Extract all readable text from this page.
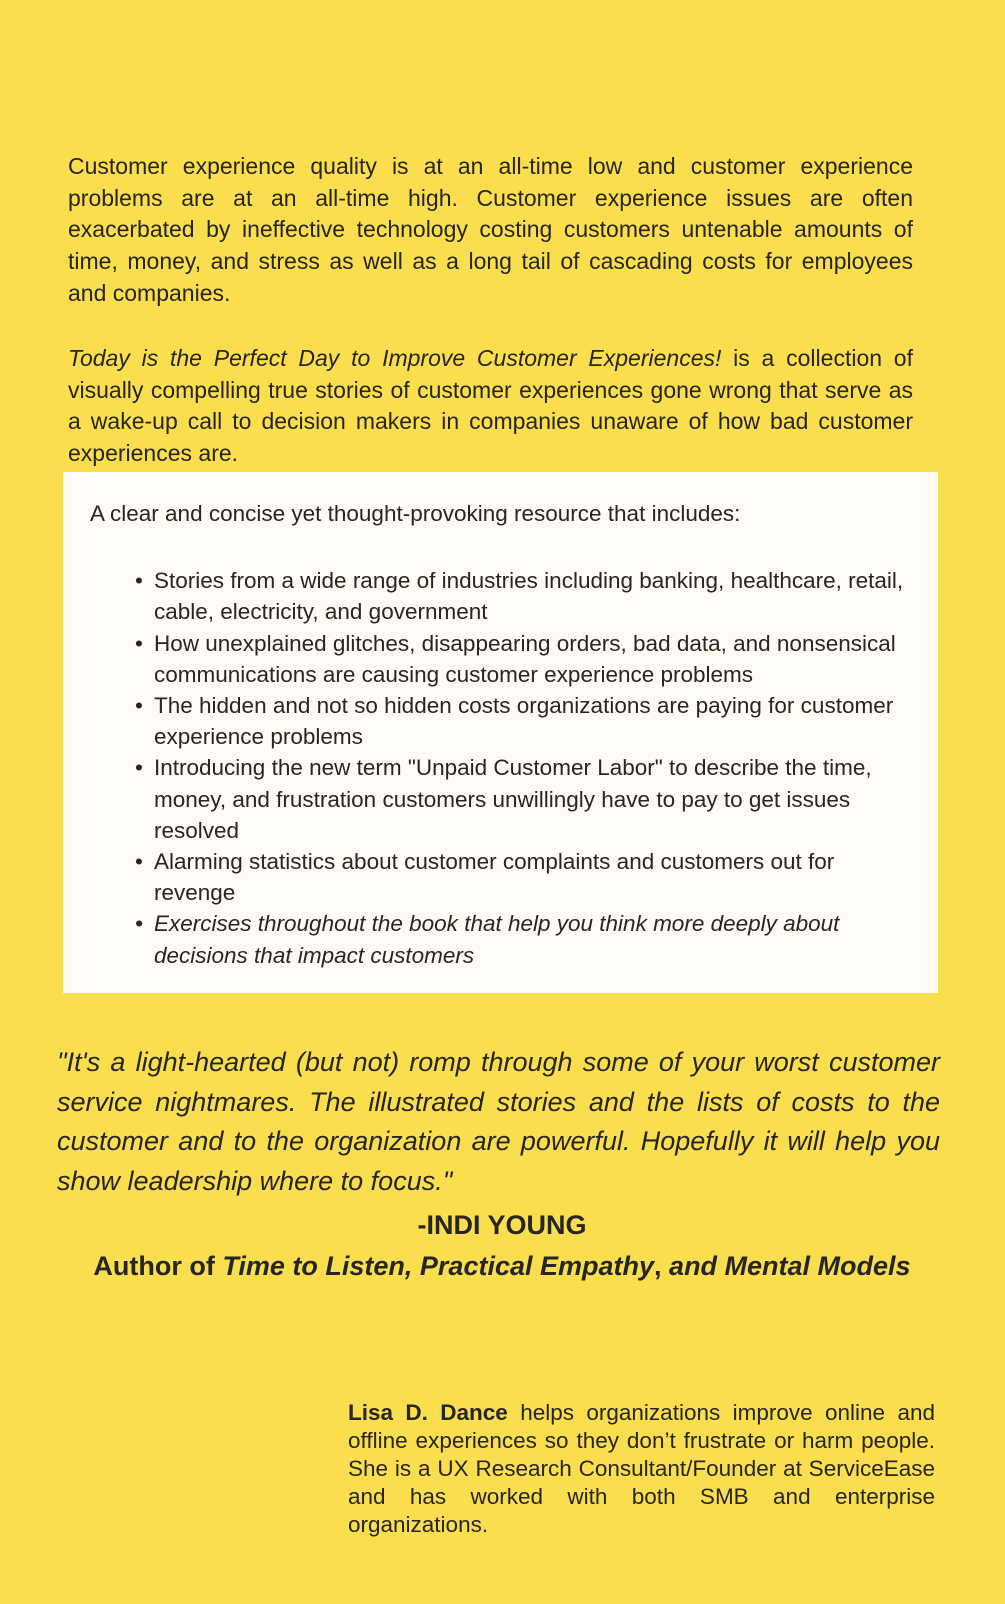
Customer experience quality is at an all-time low and customer experience problems are at an all-time high. Customer experience issues are often exacerbated by ineffective technology costing customers untenable amounts of time, money, and stress as well as a long tail of cascading costs for employees and companies.

Today is the Perfect Day to Improve Customer Experiences! is a collection of visually compelling true stories of customer experiences gone wrong that serve as a wake-up call to decision makers in companies unaware of how bad customer experiences are.

A clear and concise yet thought-provoking resource that includes:
• Stories from a wide range of industries including banking, healthcare, retail, cable, electricity, and government
• How unexplained glitches, disappearing orders, bad data, and nonsensical communications are causing customer experience problems
• The hidden and not so hidden costs organizations are paying for customer experience problems
• Introducing the new term "Unpaid Customer Labor" to describe the time, money, and frustration customers unwillingly have to pay to get issues resolved
• Alarming statistics about customer complaints and customers out for revenge
• Exercises throughout the book that help you think more deeply about decisions that impact customers

"It's a light-hearted (but not) romp through some of your worst customer service nightmares. The illustrated stories and the lists of costs to the customer and to the organization are powerful. Hopefully it will help you show leadership where to focus."

-INDI YOUNG
Author of Time to Listen, Practical Empathy, and Mental Models

Lisa D. Dance helps organizations improve online and offline experiences so they don’t frustrate or harm people. She is a UX Research Consultant/Founder at ServiceEase and has worked with both SMB and enterprise organizations.
